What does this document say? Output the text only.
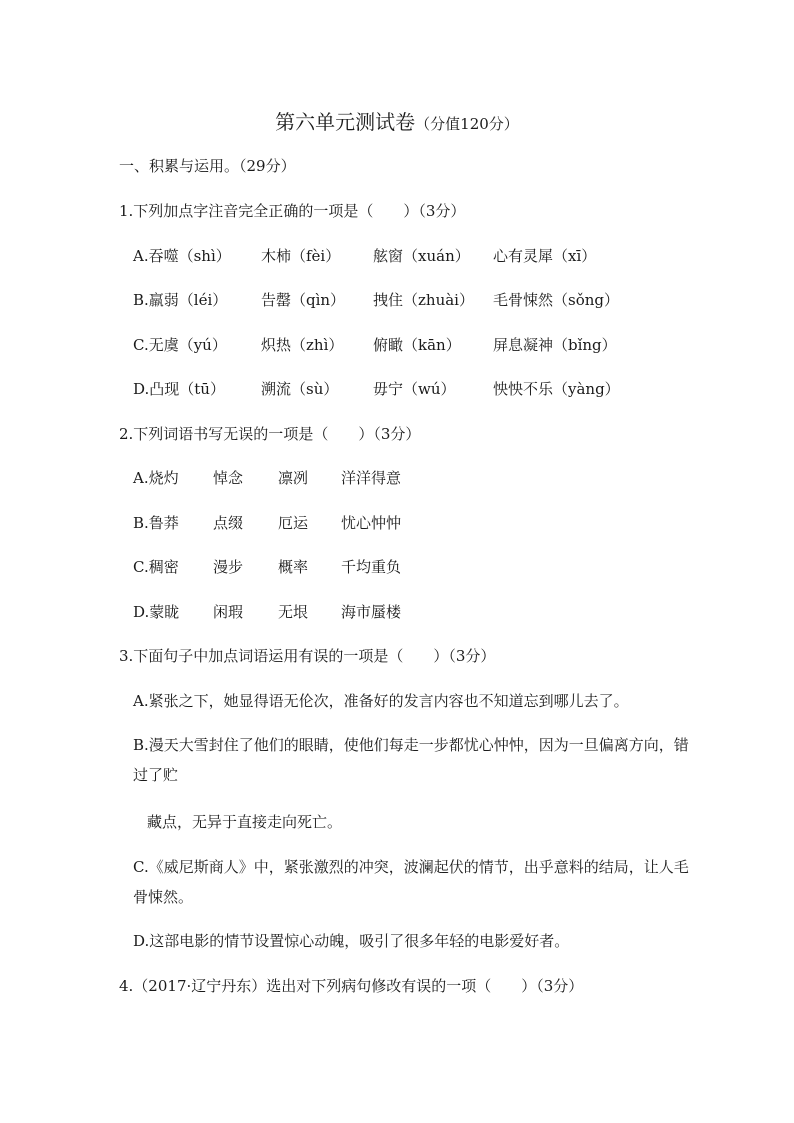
第六单元测试卷（分值120分）
一、积累与运用。（29分）
1.下列加点字注音完全正确的一项是（　　）（3分）
A.吞噬（shì） 木柿（fèi） 舷窗（xuán） 心有灵犀（xī）
B.羸弱（léi） 告罄（qìn） 拽住（zhuài） 毛骨悚然（sǒng）
C.无虞（yú） 炽热（zhì） 俯瞰（kān） 屏息凝神（bǐng）
D.凸现（tū） 溯流（sù） 毋宁（wú） 怏怏不乐（yàng）
2.下列词语书写无误的一项是（　　）（3分）
A.烧灼 悼念 凛冽 洋洋得意
B.鲁莽 点缀 厄运 忧心忡忡
C.稠密 漫步 概率 千均重负
D.蒙眬 闲瑕 无垠 海市蜃楼
3.下面句子中加点词语运用有误的一项是（　　）（3分）
A.紧张之下，她显得语无伦次，准备好的发言内容也不知道忘到哪儿去了。
B.漫天大雪封住了他们的眼睛，使他们每走一步都忧心忡忡，因为一旦偏离方向，错过了贮
藏点，无异于直接走向死亡。
C.《威尼斯商人》中，紧张激烈的冲突，波澜起伏的情节，出乎意料的结局，让人毛骨悚然。
D.这部电影的情节设置惊心动魄，吸引了很多年轻的电影爱好者。
4.（2017·辽宁丹东）选出对下列病句修改有误的一项（　　）（3分）
